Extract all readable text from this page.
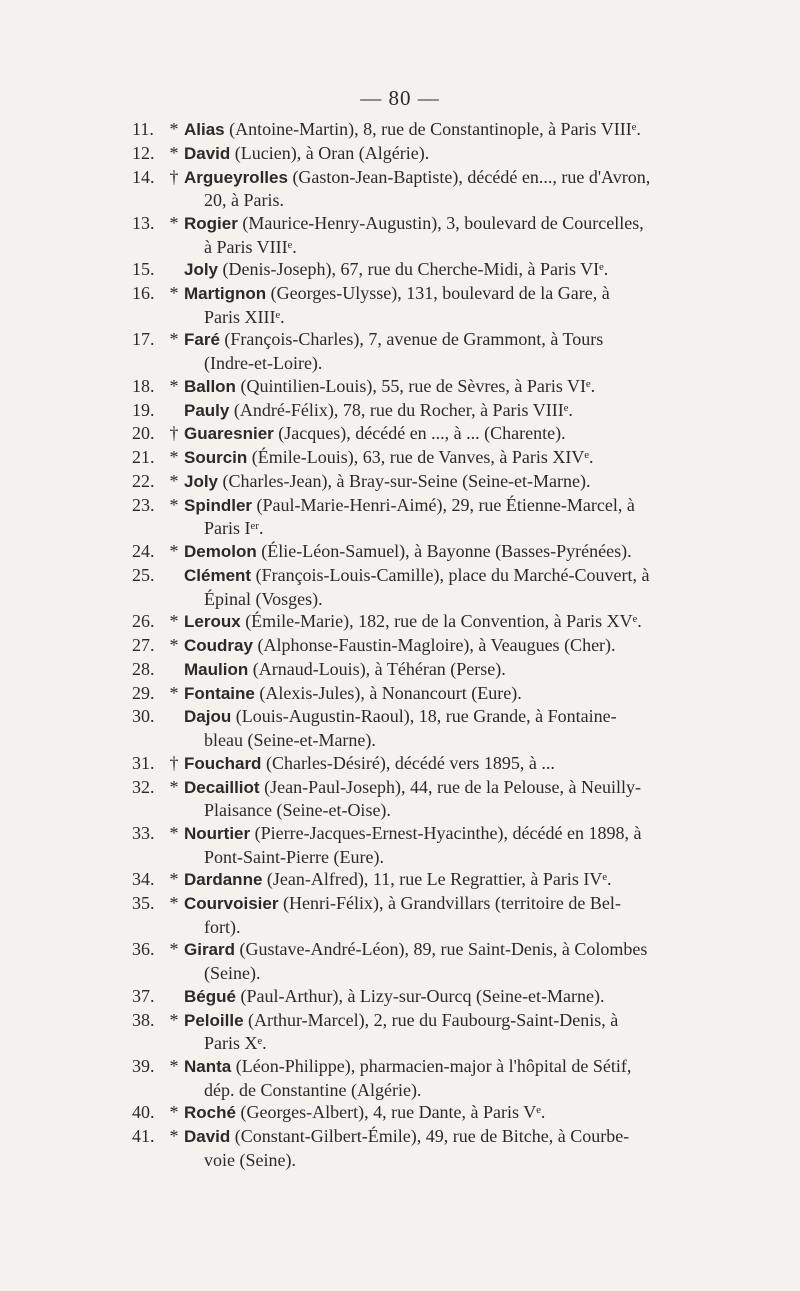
— 80 —
11. * Alias (Antoine-Martin), 8, rue de Constantinople, à Paris VIIIᵉ.
12. * David (Lucien), à Oran (Algérie).
14. † Argueyrolles (Gaston-Jean-Baptiste), décédé en..., rue d'Avron,
20, à Paris.
13. * Rogier (Maurice-Henry-Augustin), 3, boulevard de Courcelles,
à Paris VIIIᵉ.
15.	Joly (Denis-Joseph), 67, rue du Cherche-Midi, à Paris VIᵉ.
16. * Martignon (Georges-Ulysse), 131, boulevard de la Gare, à
Paris XIIIᵉ.
17. * Faré (François-Charles), 7, avenue de Grammont, à Tours
(Indre-et-Loire).
18. * Ballon (Quintilien-Louis), 55, rue de Sèvres, à Paris VIᵉ.
19.	Pauly (André-Félix), 78, rue du Rocher, à Paris VIIIᵉ.
20. † Guaresnier (Jacques), décédé en ..., à ... (Charente).
21. * Sourcin (Émile-Louis), 63, rue de Vanves, à Paris XIVᵉ.
22. * Joly (Charles-Jean), à Bray-sur-Seine (Seine-et-Marne).
23. * Spindler (Paul-Marie-Henri-Aimé), 29, rue Étienne-Marcel, à
Paris Iᵉʳ.
24. * Demolon (Élie-Léon-Samuel), à Bayonne (Basses-Pyrénées).
25.	Clément (François-Louis-Camille), place du Marché-Couvert, à
Épinal (Vosges).
26. * Leroux (Émile-Marie), 182, rue de la Convention, à Paris XVᵉ.
27. * Coudray (Alphonse-Faustin-Magloire), à Veaugues (Cher).
28.	Maulion (Arnaud-Louis), à Téhéran (Perse).
29. * Fontaine (Alexis-Jules), à Nonancourt (Eure).
30.	Dajou (Louis-Augustin-Raoul), 18, rue Grande, à Fontaine-
bleau (Seine-et-Marne).
31. † Fouchard (Charles-Désiré), décédé vers 1895, à ...
32. * Decailliot (Jean-Paul-Joseph), 44, rue de la Pelouse, à Neuilly-
Plaisance (Seine-et-Oise).
33. * Nourtier (Pierre-Jacques-Ernest-Hyacinthe), décédé en 1898, à
Pont-Saint-Pierre (Eure).
34. * Dardanne (Jean-Alfred), 11, rue Le Regrattier, à Paris IVᵉ.
35. * Courvoisier (Henri-Félix), à Grandvillars (territoire de Bel-
fort).
36. * Girard (Gustave-André-Léon), 89, rue Saint-Denis, à Colombes
(Seine).
37.	Bégué (Paul-Arthur), à Lizy-sur-Ourcq (Seine-et-Marne).
38. * Peloille (Arthur-Marcel), 2, rue du Faubourg-Saint-Denis, à
Paris Xᵉ.
39. * Nanta (Léon-Philippe), pharmacien-major à l'hôpital de Sétif,
dép. de Constantine (Algérie).
40. * Roché (Georges-Albert), 4, rue Dante, à Paris Vᵉ.
41. * David (Constant-Gilbert-Émile), 49, rue de Bitche, à Courbe-
voie (Seine).
